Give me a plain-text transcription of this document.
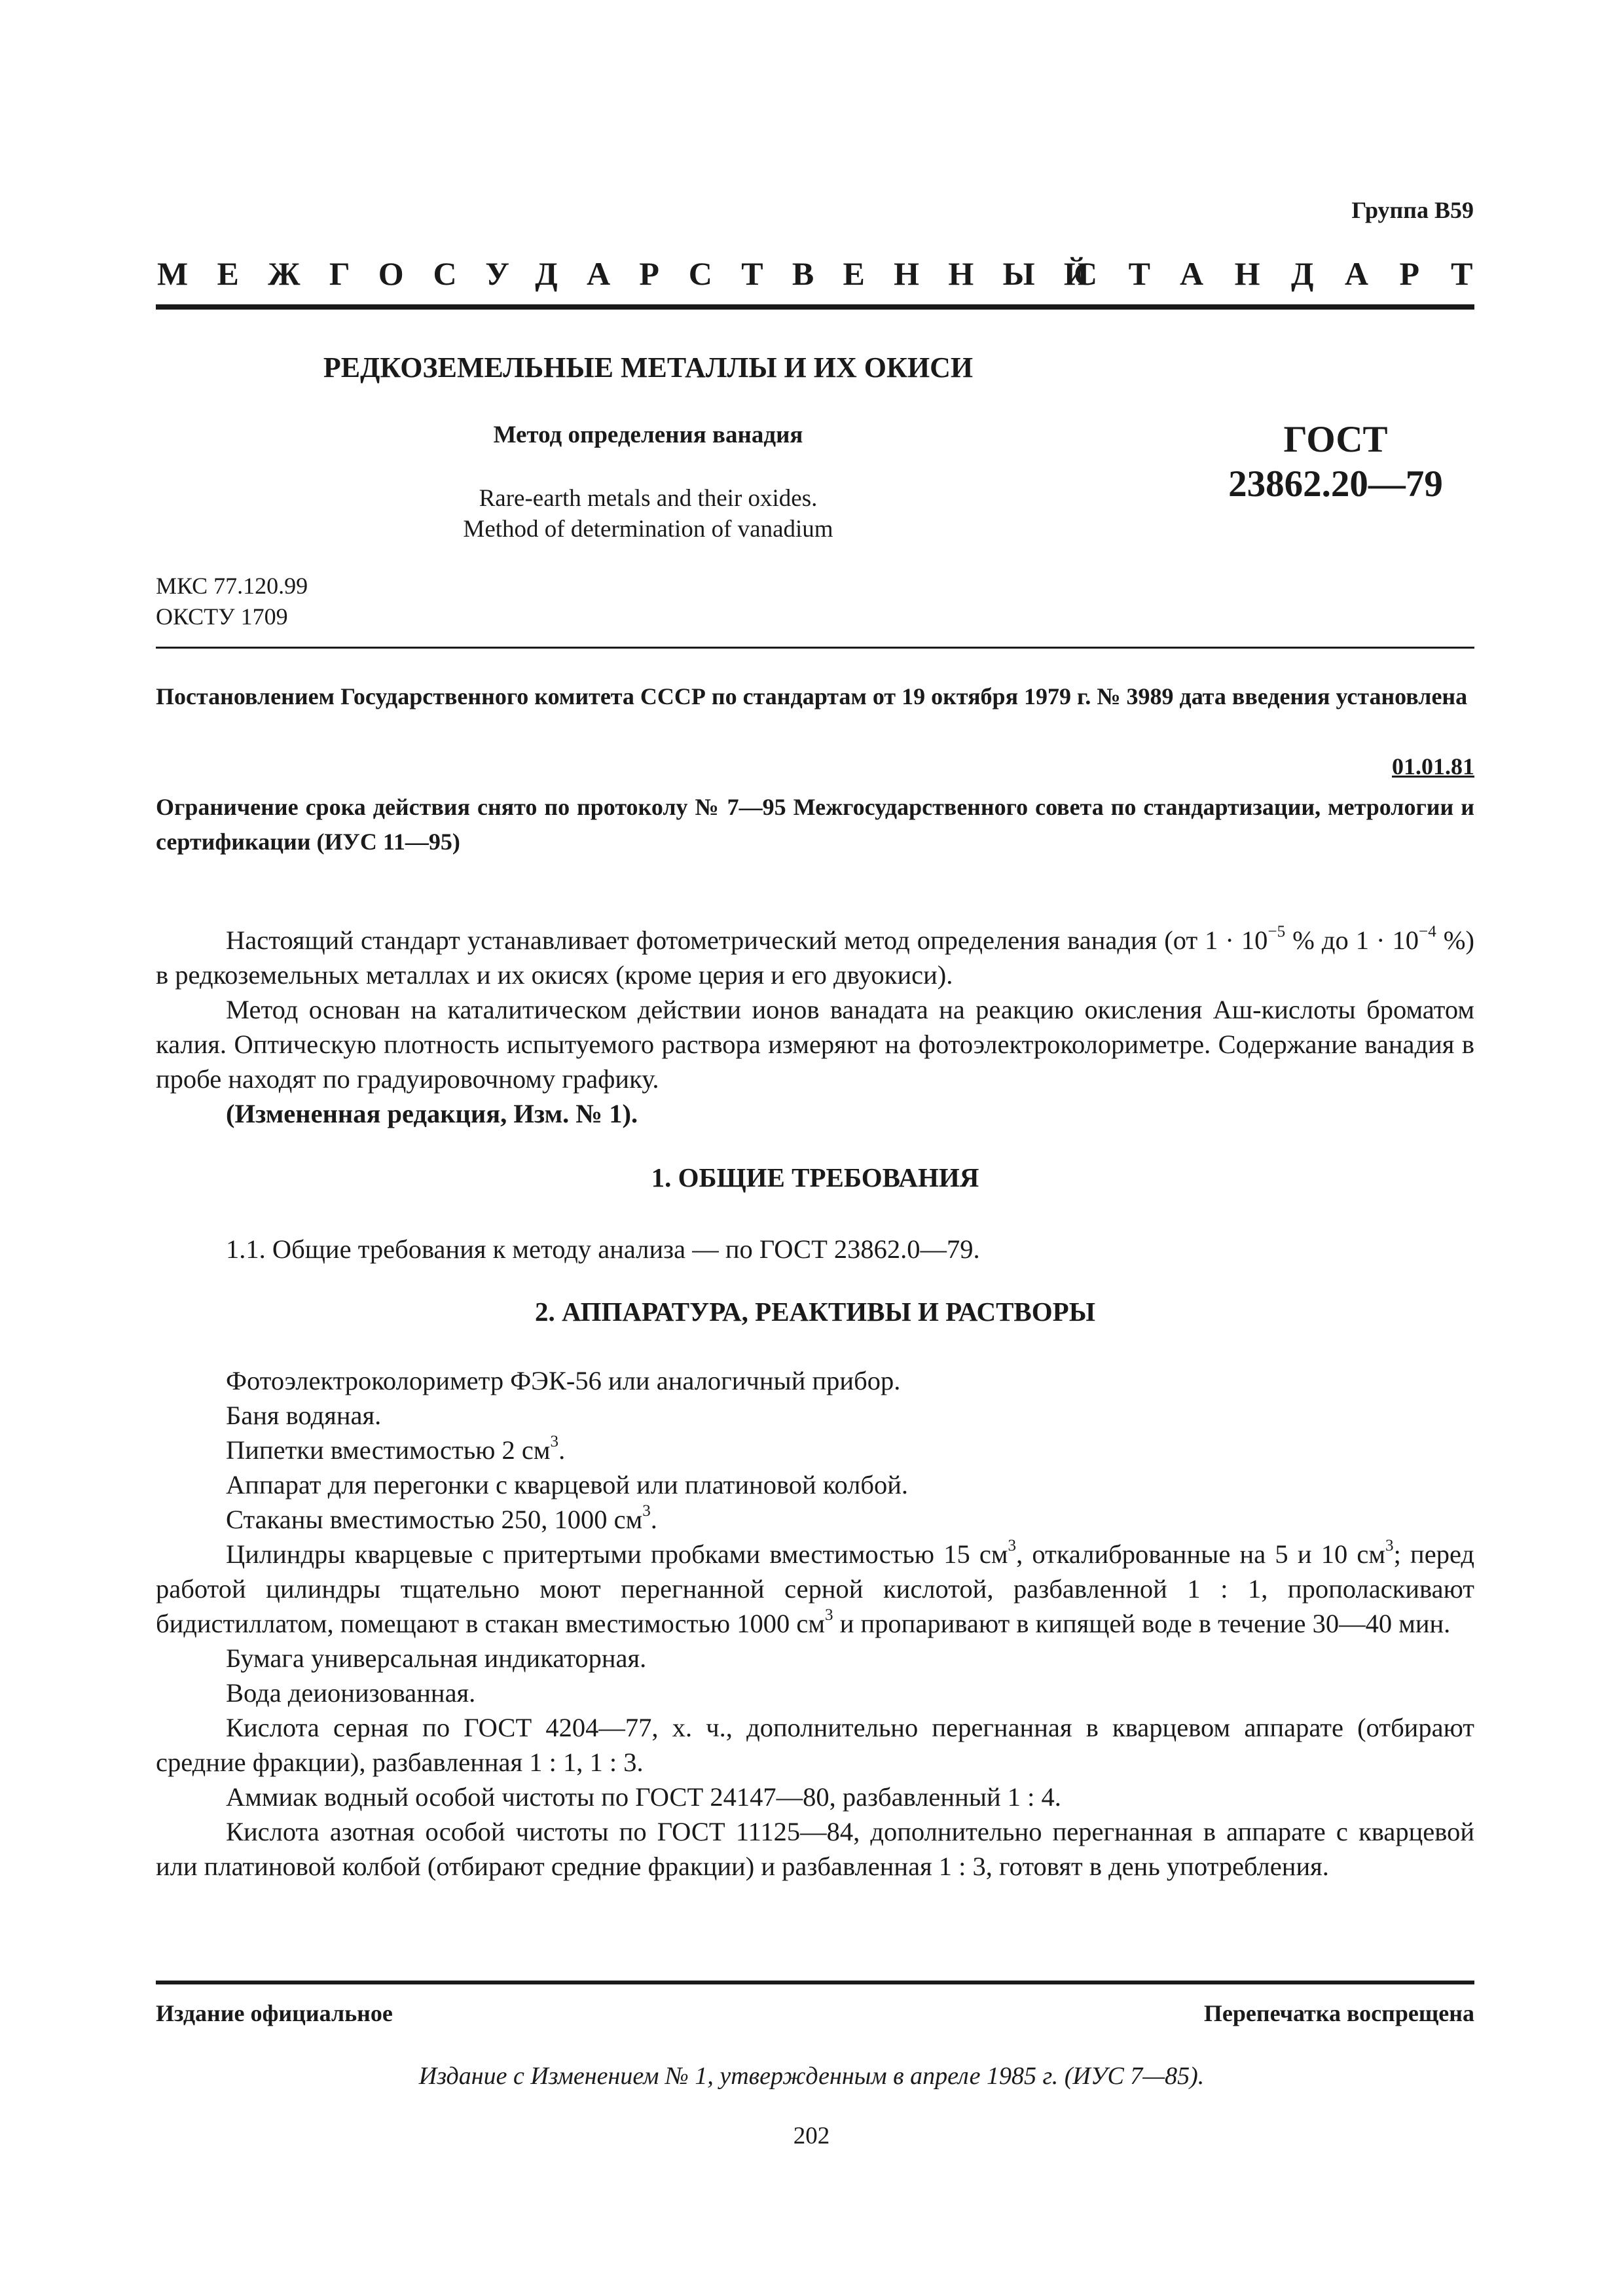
Группа В59
МЕЖГОСУДАРСТВЕННЫЙ
СТАНДАРТ
РЕДКОЗЕМЕЛЬНЫЕ МЕТАЛЛЫ И ИХ ОКИСИ
Метод определения ванадия
Rare-earth metals and their oxides.
Method of determination of vanadium
ГОСТ
23862.20—79
МКС 77.120.99
ОКСТУ 1709
Постановлением Государственного комитета СССР по стандартам от 19 октября 1979 г. № 3989 дата введения установлена
01.01.81
Ограничение срока действия снято по протоколу № 7—95 Межгосударственного совета по стандартизации, метрологии и сертификации (ИУС 11—95)

Настоящий стандарт устанавливает фотометрический метод определения ванадия (от $1 \cdot 10^{-5}$ % до $1 \cdot 10^{-4}$ %) в редкоземельных металлах и их окисях (кроме церия и его двуокиси).

Метод основан на каталитическом действии ионов ванадата на реакцию окисления Аш-кислоты броматом калия. Оптическую плотность испытуемого раствора измеряют на фотоэлектроколориметре. Содержание ванадия в пробе находят по градуировочному графику.

(Измененная редакция, Изм. № 1).

1. ОБЩИЕ ТРЕБОВАНИЯ

1.1. Общие требования к методу анализа — по ГОСТ 23862.0—79.

2. АППАРАТУРА, РЕАКТИВЫ И РАСТВОРЫ

Фотоэлектроколориметр ФЭК-56 или аналогичный прибор.

Баня водяная.

Пипетки вместимостью 2 $см^3$.

Аппарат для перегонки с кварцевой или платиновой колбой.

Стаканы вместимостью 250, 1000 $см^3$.

Цилиндры кварцевые с притертыми пробками вместимостью 15 $см^3$, откалиброванные на 5 и 10 $см^3$; перед работой цилиндры тщательно моют перегнанной серной кислотой, разбавленной 1 : 1, прополаскивают бидистиллатом, помещают в стакан вместимостью 1000 $см^3$ и пропаривают в кипящей воде в течение 30—40 мин.

Бумага универсальная индикаторная.

Вода деионизованная.

Кислота серная по ГОСТ 4204—77, х. ч., дополнительно перегнанная в кварцевом аппарате (отбирают средние фракции), разбавленная 1 : 1, 1 : 3.

Аммиак водный особой чистоты по ГОСТ 24147—80, разбавленный 1 : 4.

Кислота азотная особой чистоты по ГОСТ 11125—84, дополнительно перегнанная в аппарате с кварцевой или платиновой колбой (отбирают средние фракции) и разбавленная 1 : 3, готовят в день употребления.

Издание официальное	Перепечатка воспрещена
Издание с Изменением № 1, утвержденным в апреле 1985 г. (ИУС 7—85).
202
